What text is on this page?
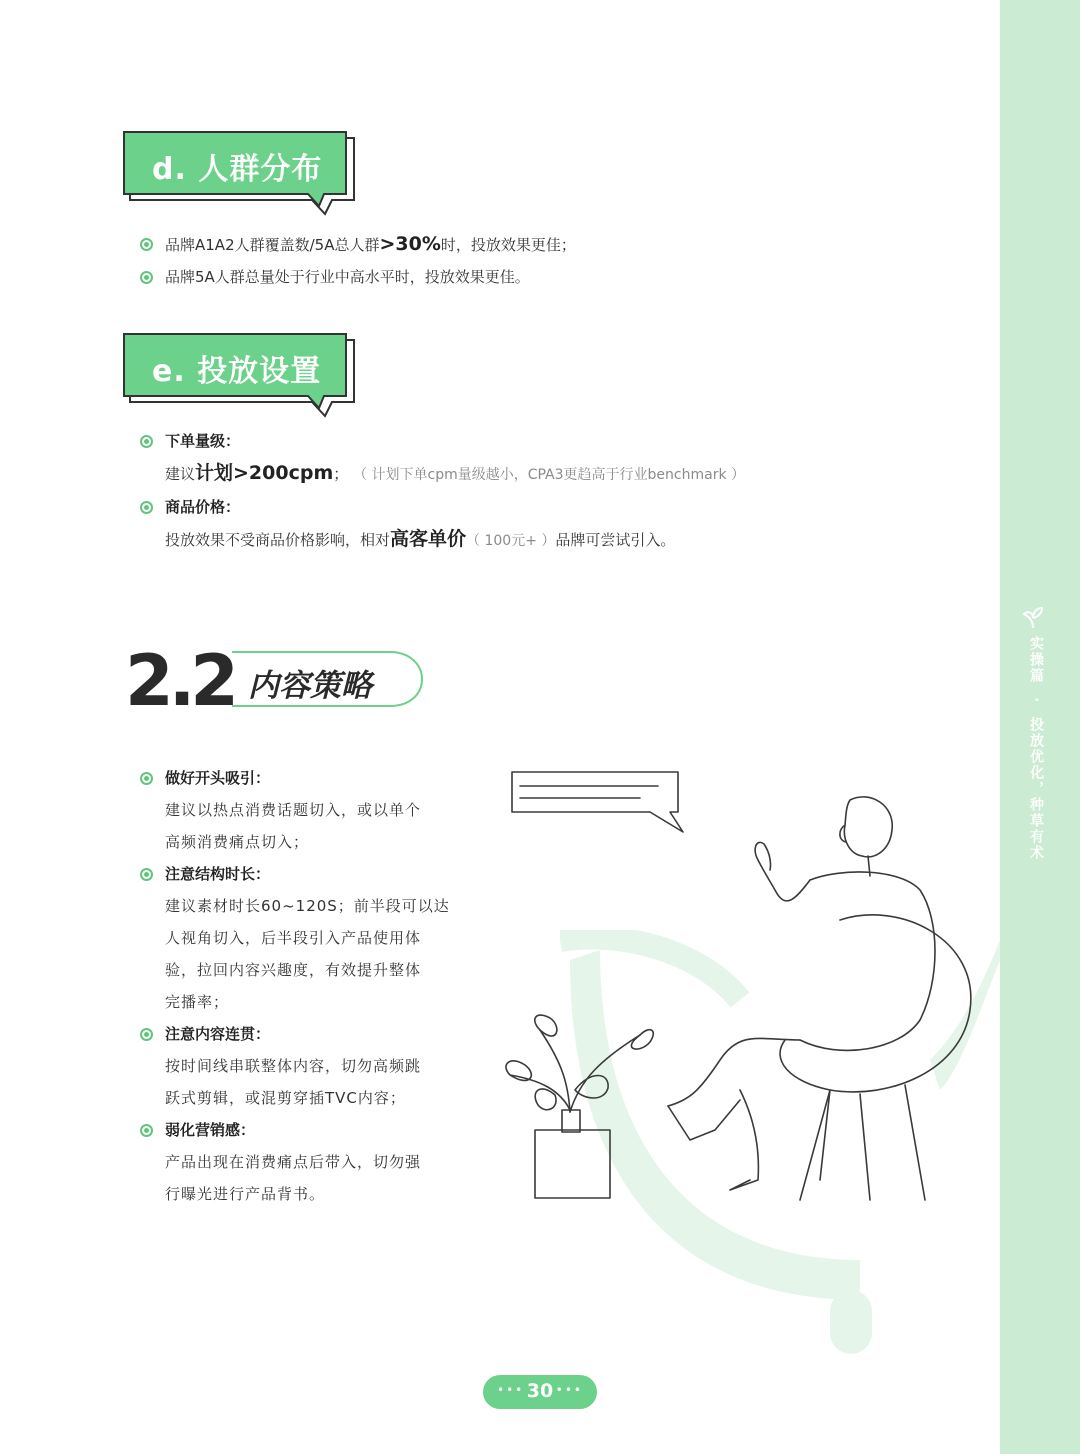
实操篇 · 投放优化，种草有术
d. 人群分布
品牌A1A2人群覆盖数/5A总人群>30%时，投放效果更佳；
品牌5A人群总量处于行业中高水平时，投放效果更佳。
e. 投放设置
下单量级：
建议计划>200cpm； （ 计划下单cpm量级越小，CPA3更趋高于行业benchmark ）
商品价格：
投放效果不受商品价格影响，相对高客单价（ 100元+ ）品牌可尝试引入。
2.2 内容策略
做好开头吸引：
建议以热点消费话题切入，或以单个
高频消费痛点切入；
注意结构时长：
建议素材时长60~120S；前半段可以达
人视角切入，后半段引入产品使用体
验，拉回内容兴趣度，有效提升整体
完播率；
注意内容连贯：
按时间线串联整体内容，切勿高频跳
跃式剪辑，或混剪穿插TVC内容；
弱化营销感：
产品出现在消费痛点后带入，切勿强
行曝光进行产品背书。
••• 30 •••
